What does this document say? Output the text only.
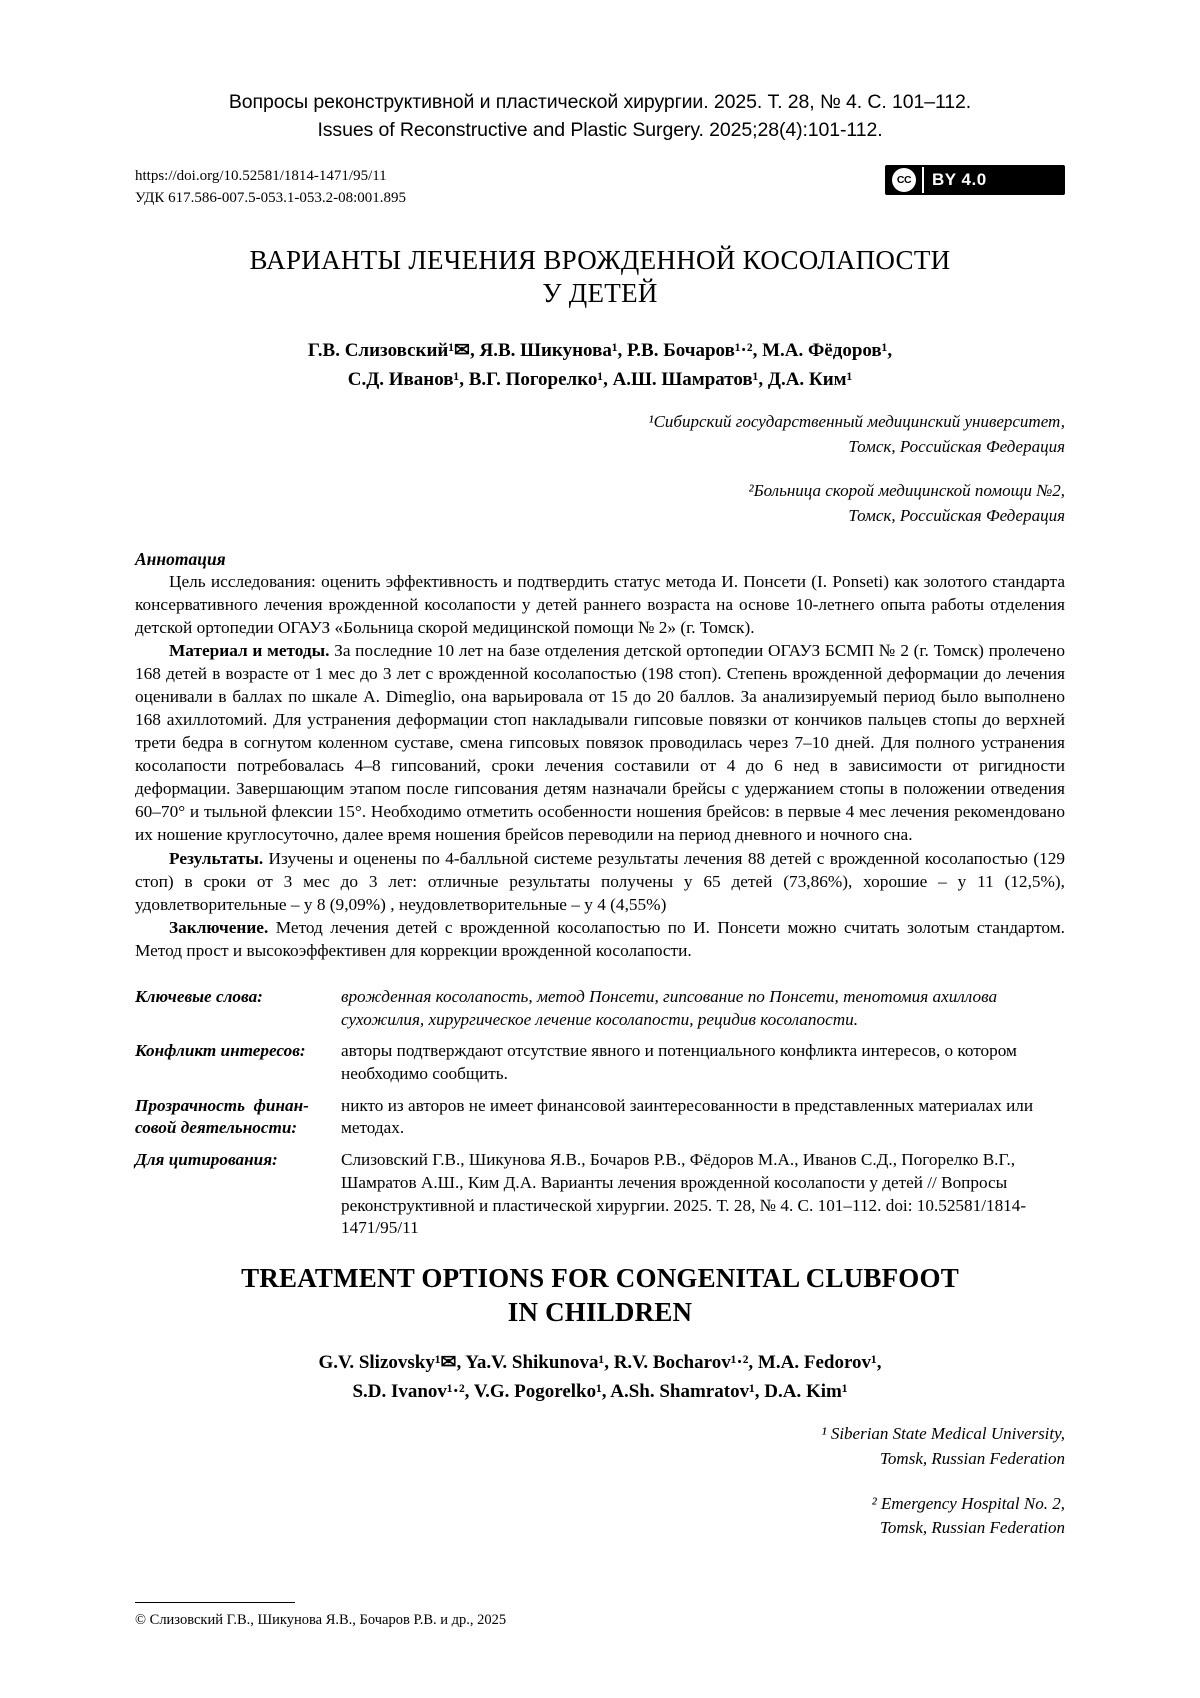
Вопросы реконструктивной и пластической хирургии. 2025. Т. 28, № 4. С. 101–112.
Issues of Reconstructive and Plastic Surgery. 2025;28(4):101-112.
https://doi.org/10.52581/1814-1471/95/11
УДК 617.586-007.5-053.1-053.2-08:001.895
CC BY 4.0
ВАРИАНТЫ ЛЕЧЕНИЯ ВРОЖДЕННОЙ КОСОЛАПОСТИ
У ДЕТЕЙ
Г.В. Слизовский¹✉, Я.В. Шикунова¹, Р.В. Бочаров¹·², М.А. Фёдоров¹,
С.Д. Иванов¹, В.Г. Погорелко¹, А.Ш. Шамратов¹, Д.А. Ким¹
¹Сибирский государственный медицинский университет,
Томск, Российская Федерация
²Больница скорой медицинской помощи №2,
Томск, Российская Федерация
Аннотация

Цель исследования: оценить эффективность и подтвердить статус метода И. Понсети (I. Ponseti) как золотого стандарта консервативного лечения врожденной косолапости у детей раннего возраста на основе 10-летнего опыта работы отделения детской ортопедии ОГАУЗ «Больница скорой медицинской помощи № 2» (г. Томск).

Материал и методы. За последние 10 лет на базе отделения детской ортопедии ОГАУЗ БСМП № 2 (г. Томск) пролечено 168 детей в возрасте от 1 мес до 3 лет с врожденной косолапостью (198 стоп). Степень врожденной деформации до лечения оценивали в баллах по шкале A. Dimeglio, она варьировала от 15 до 20 баллов. За анализируемый период было выполнено 168 ахиллотомий. Для устранения деформации стоп накладывали гипсовые повязки от кончиков пальцев стопы до верхней трети бедра в согнутом коленном суставе, смена гипсовых повязок проводилась через 7–10 дней. Для полного устранения косолапости потребовалась 4–8 гипсований, сроки лечения составили от 4 до 6 нед в зависимости от ригидности деформации. Завершающим этапом после гипсования детям назначали брейсы с удержанием стопы в положении отведения 60–70° и тыльной флексии 15°. Необходимо отметить особенности ношения брейсов: в первые 4 мес лечения рекомендовано их ношение круглосуточно, далее время ношения брейсов переводили на период дневного и ночного сна.

Результаты. Изучены и оценены по 4-балльной системе результаты лечения 88 детей с врожденной косолапостью (129 стоп) в сроки от 3 мес до 3 лет: отличные результаты получены у 65 детей (73,86%), хорошие – у 11 (12,5%), удовлетворительные – у 8 (9,09%) , неудовлетворительные – у 4 (4,55%)

Заключение. Метод лечения детей с врожденной косолапостью по И. Понсети можно считать золотым стандартом. Метод прост и высокоэффективен для коррекции врожденной косолапости.

Ключевые слова:	врожденная косолапость, метод Понсети, гипсование по Понсети, тенотомия ахиллова сухожилия, хирургическое лечение косолапости, рецидив косолапости.
Конфликт интересов:	авторы подтверждают отсутствие явного и потенциального конфликта интересов, о котором необходимо сообщить.
Прозрачность  финан-
совой деятельности:
никто из авторов не имеет финансовой заинтересованности в представленных материалах или методах.
Для цитирования:	Слизовский Г.В., Шикунова Я.В., Бочаров Р.В., Фёдоров М.А., Иванов С.Д., Погорелко В.Г., Шамратов А.Ш., Ким Д.А. Варианты лечения врожденной косолапости у детей // Вопросы реконструктивной и пластической хирургии. 2025. Т. 28, № 4. С. 101–112. doi: 10.52581/1814-1471/95/11
TREATMENT OPTIONS FOR CONGENITAL CLUBFOOT
IN CHILDREN
G.V. Slizovsky¹✉, Ya.V. Shikunova¹, R.V. Bocharov¹·², M.A. Fedorov¹,
S.D. Ivanov¹·², V.G. Pogorelko¹, A.Sh. Shamratov¹, D.A. Kim¹
¹ Siberian State Medical University,
Tomsk, Russian Federation
² Emergency Hospital No. 2,
Tomsk, Russian Federation
© Слизовский Г.В., Шикунова Я.В., Бочаров Р.В. и др., 2025
